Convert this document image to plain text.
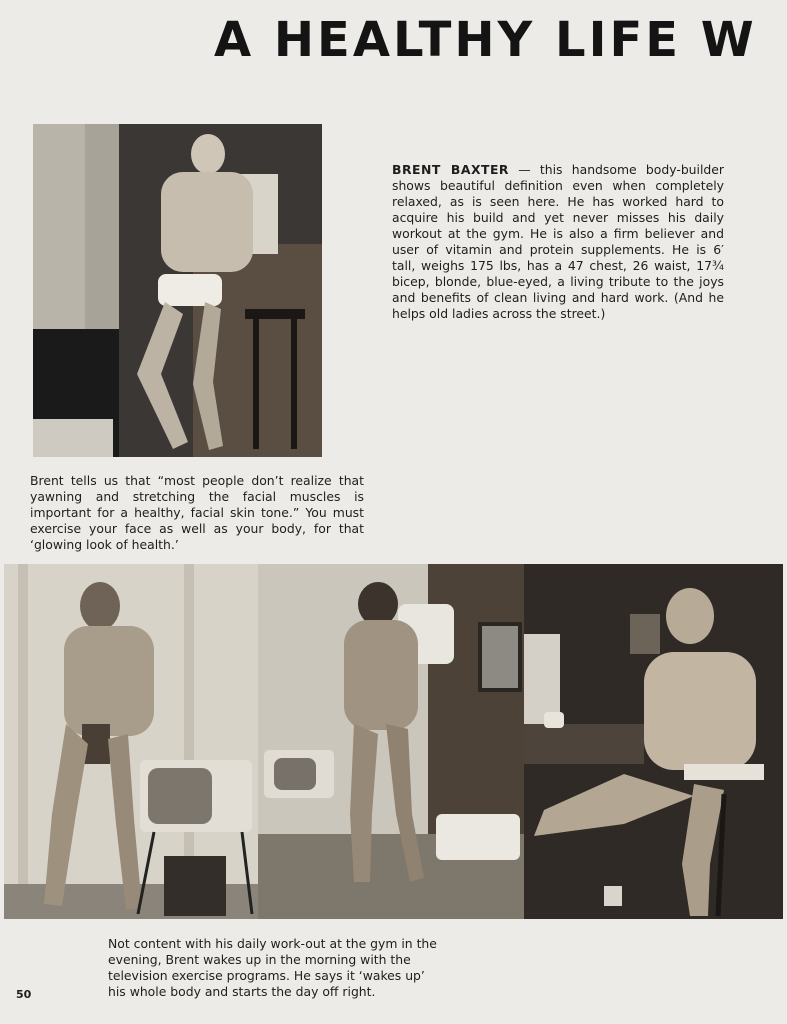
A HEALTHY LIFE W

BRENT BAXTER — this handsome body-builder shows beautiful definition even when completely relaxed, as is seen here. He has worked hard to acquire his build and yet never misses his daily workout at the gym. He is also a firm believer and user of vitamin and protein supplements. He is 6′ tall, weighs 175 lbs, has a 47 chest, 26 waist, 17¾ bicep, blonde, blue-eyed, a living tribute to the joys and benefits of clean living and hard work. (And he helps old ladies across the street.)

Brent tells us that “most people don’t realize that yawning and stretching the facial muscles is important for a healthy, facial skin tone.” You must exercise your face as well as your body, for that ‘glowing look of health.’

Not content with his daily work-out at the gym in the evening, Brent wakes up in the morning with the television exercise programs. He says it ‘wakes up’ his whole body and starts the day off right.

50
